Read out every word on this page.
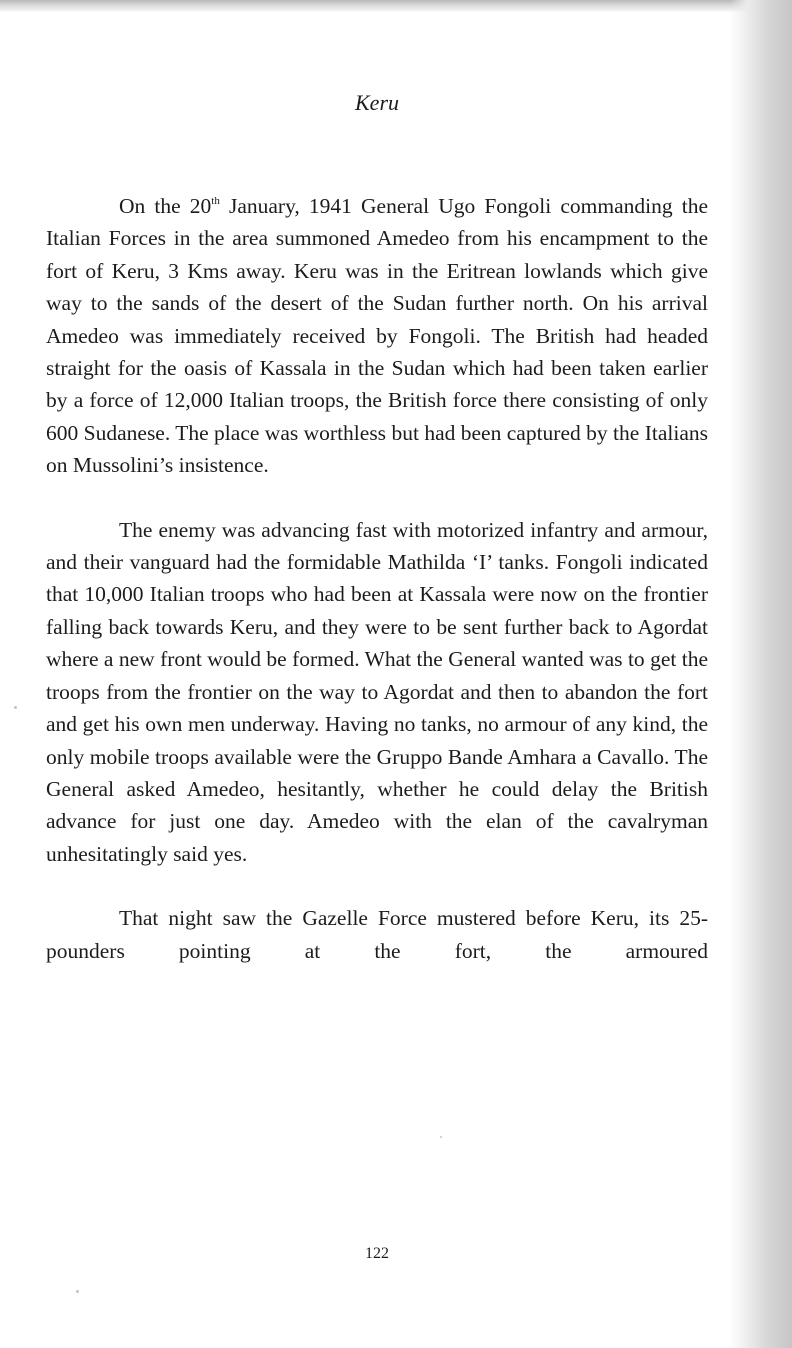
Keru

On the 20th January, 1941 General Ugo Fongoli commanding the Italian Forces in the area summoned Amedeo from his encampment to the fort of Keru, 3 Kms away. Keru was in the Eritrean lowlands which give way to the sands of the desert of the Sudan further north. On his arrival Amedeo was immediately received by Fongoli. The British had headed straight for the oasis of Kassala in the Sudan which had been taken earlier by a force of 12,000 Italian troops, the British force there consisting of only 600 Sudanese. The place was worthless but had been captured by the Italians on Mussolini’s insistence.

The enemy was advancing fast with motorized infantry and armour, and their vanguard had the formidable Mathilda ‘I’ tanks. Fongoli indicated that 10,000 Italian troops who had been at Kassala were now on the frontier falling back towards Keru, and they were to be sent further back to Agordat where a new front would be formed. What the General wanted was to get the troops from the frontier on the way to Agordat and then to abandon the fort and get his own men underway. Having no tanks, no armour of any kind, the only mobile troops available were the Gruppo Bande Amhara a Cavallo. The General asked Amedeo, hesitantly, whether he could delay the British advance for just one day. Amedeo with the elan of the cavalryman unhesitatingly said yes.

That night saw the Gazelle Force mustered before Keru, its 25-pounders pointing at the fort, the armoured

122
